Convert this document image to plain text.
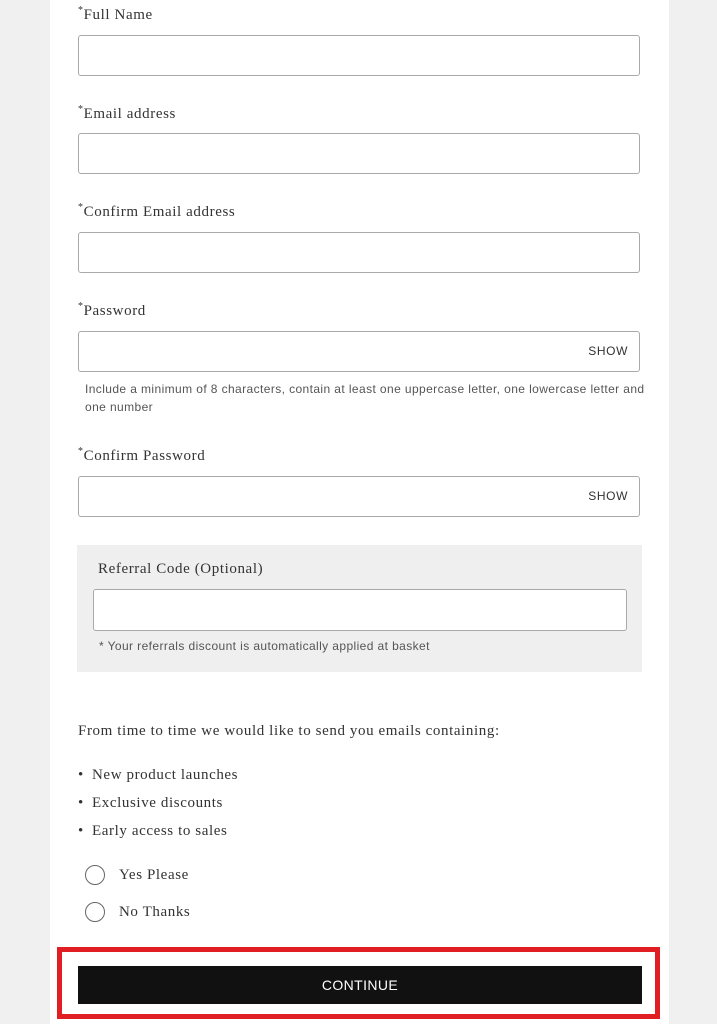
*Full Name
*Email address
*Confirm Email address
*Password
SHOW
Include a minimum of 8 characters, contain at least one uppercase letter, one lowercase letter and one number
*Confirm Password
SHOW
Referral Code (Optional)
* Your referrals discount is automatically applied at basket
From time to time we would like to send you emails containing:
• New product launches
• Exclusive discounts
• Early access to sales
Yes Please
No Thanks
CONTINUE
